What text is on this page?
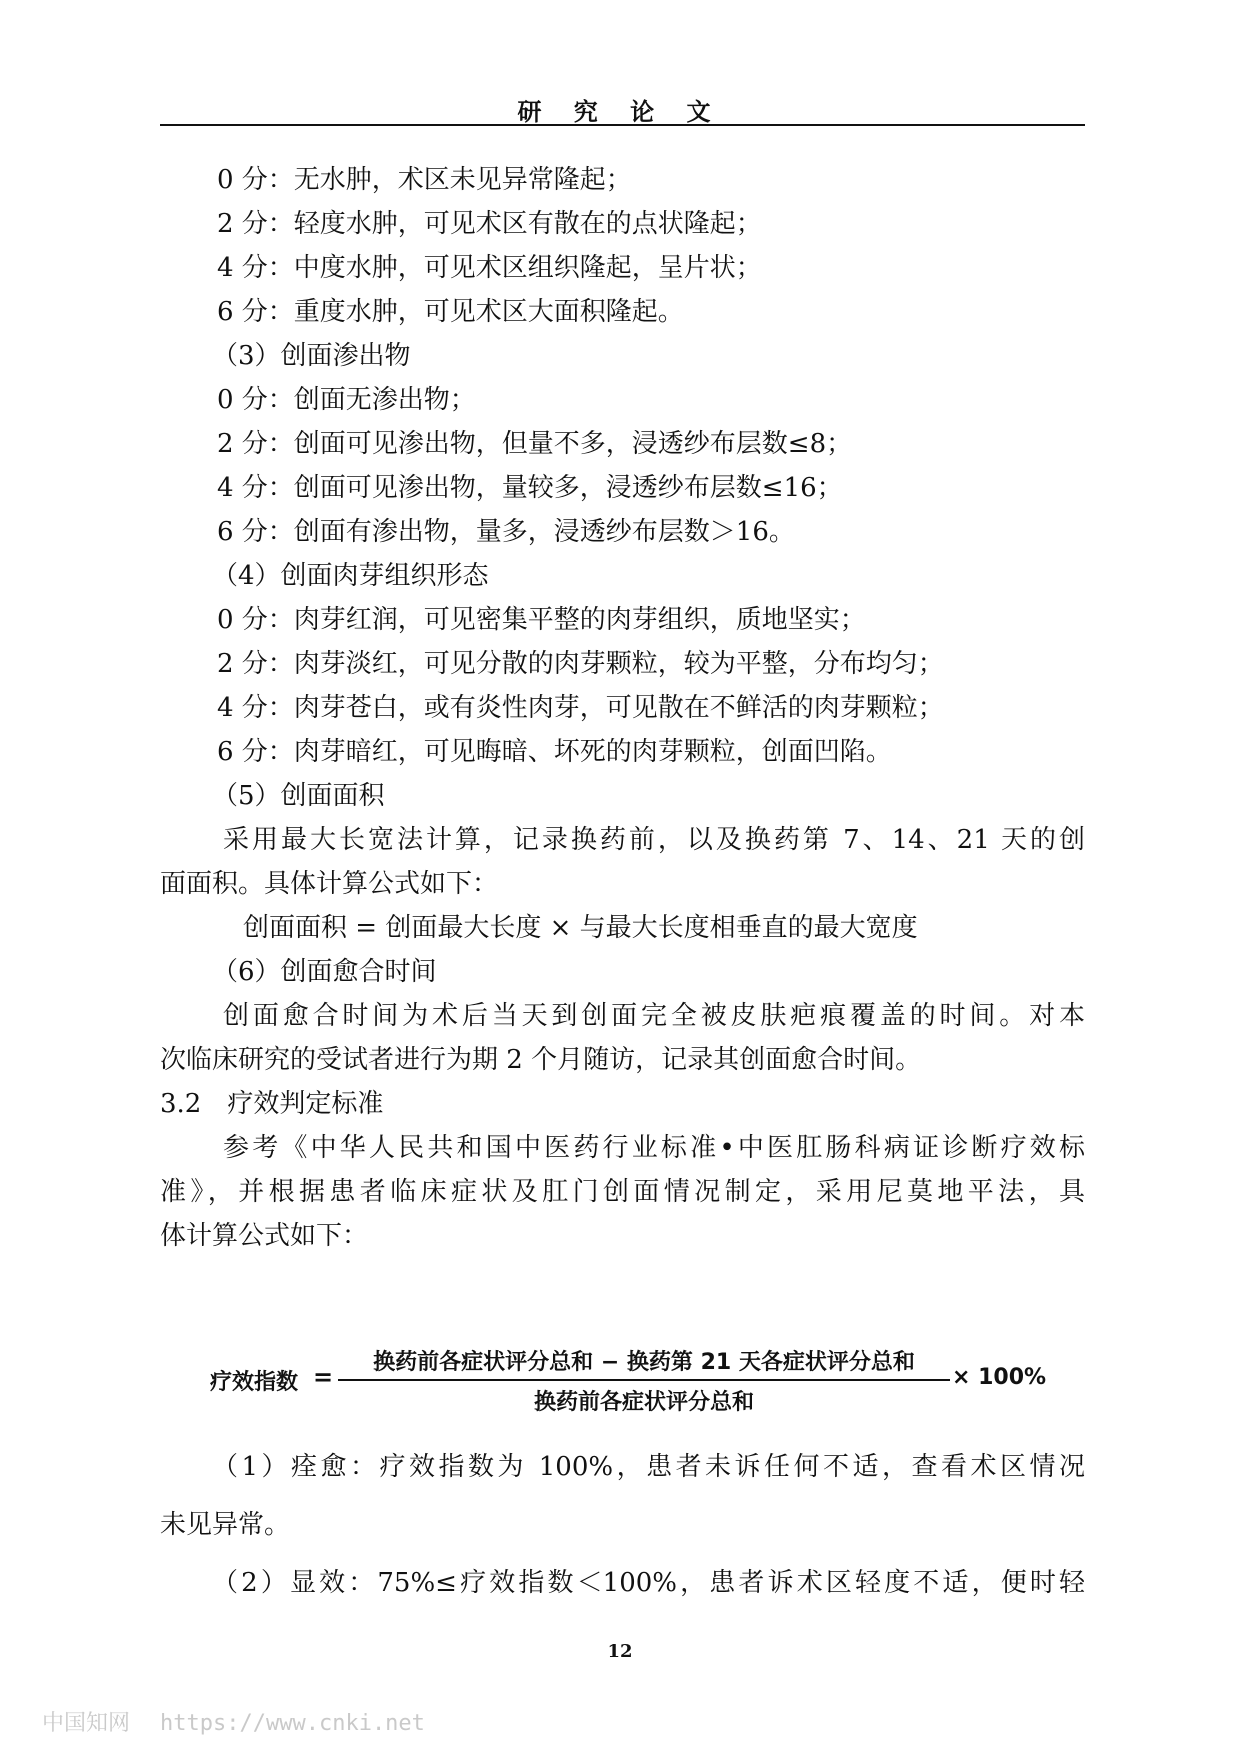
研 究 论 文
0 分：无水肿，术区未见异常隆起；
2 分：轻度水肿，可见术区有散在的点状隆起；
4 分：中度水肿，可见术区组织隆起，呈片状；
6 分：重度水肿，可见术区大面积隆起。
（3）创面渗出物
0 分：创面无渗出物；
2 分：创面可见渗出物，但量不多，浸透纱布层数≤8；
4 分：创面可见渗出物，量较多，浸透纱布层数≤16；
6 分：创面有渗出物，量多，浸透纱布层数＞16。
（4）创面肉芽组织形态
0 分：肉芽红润，可见密集平整的肉芽组织，质地坚实；
2 分：肉芽淡红，可见分散的肉芽颗粒，较为平整，分布均匀；
4 分：肉芽苍白，或有炎性肉芽，可见散在不鲜活的肉芽颗粒；
6 分：肉芽暗红，可见晦暗、坏死的肉芽颗粒，创面凹陷。
（5）创面面积
采用最大长宽法计算，记录换药前，以及换药第 7、14、21 天的创
面面积。具体计算公式如下：
创面面积 = 创面最大长度 × 与最大长度相垂直的最大宽度
（6）创面愈合时间
创面愈合时间为术后当天到创面完全被皮肤疤痕覆盖的时间。对本
次临床研究的受试者进行为期 2 个月随访，记录其创面愈合时间。
3.2　疗效判定标准
参考《中华人民共和国中医药行业标准•中医肛肠科病证诊断疗效标
准》，并根据患者临床症状及肛门创面情况制定，采用尼莫地平法，具
体计算公式如下：
疗效指数 =
换药前各症状评分总和 − 换药第 21 天各症状评分总和
换药前各症状评分总和
× 100%
（1）痊愈：疗效指数为 100%，患者未诉任何不适，查看术区情况
未见异常。
（2）显效：75%≤疗效指数＜100%，患者诉术区轻度不适，便时轻
12
中国知网 https://www.cnki.net
